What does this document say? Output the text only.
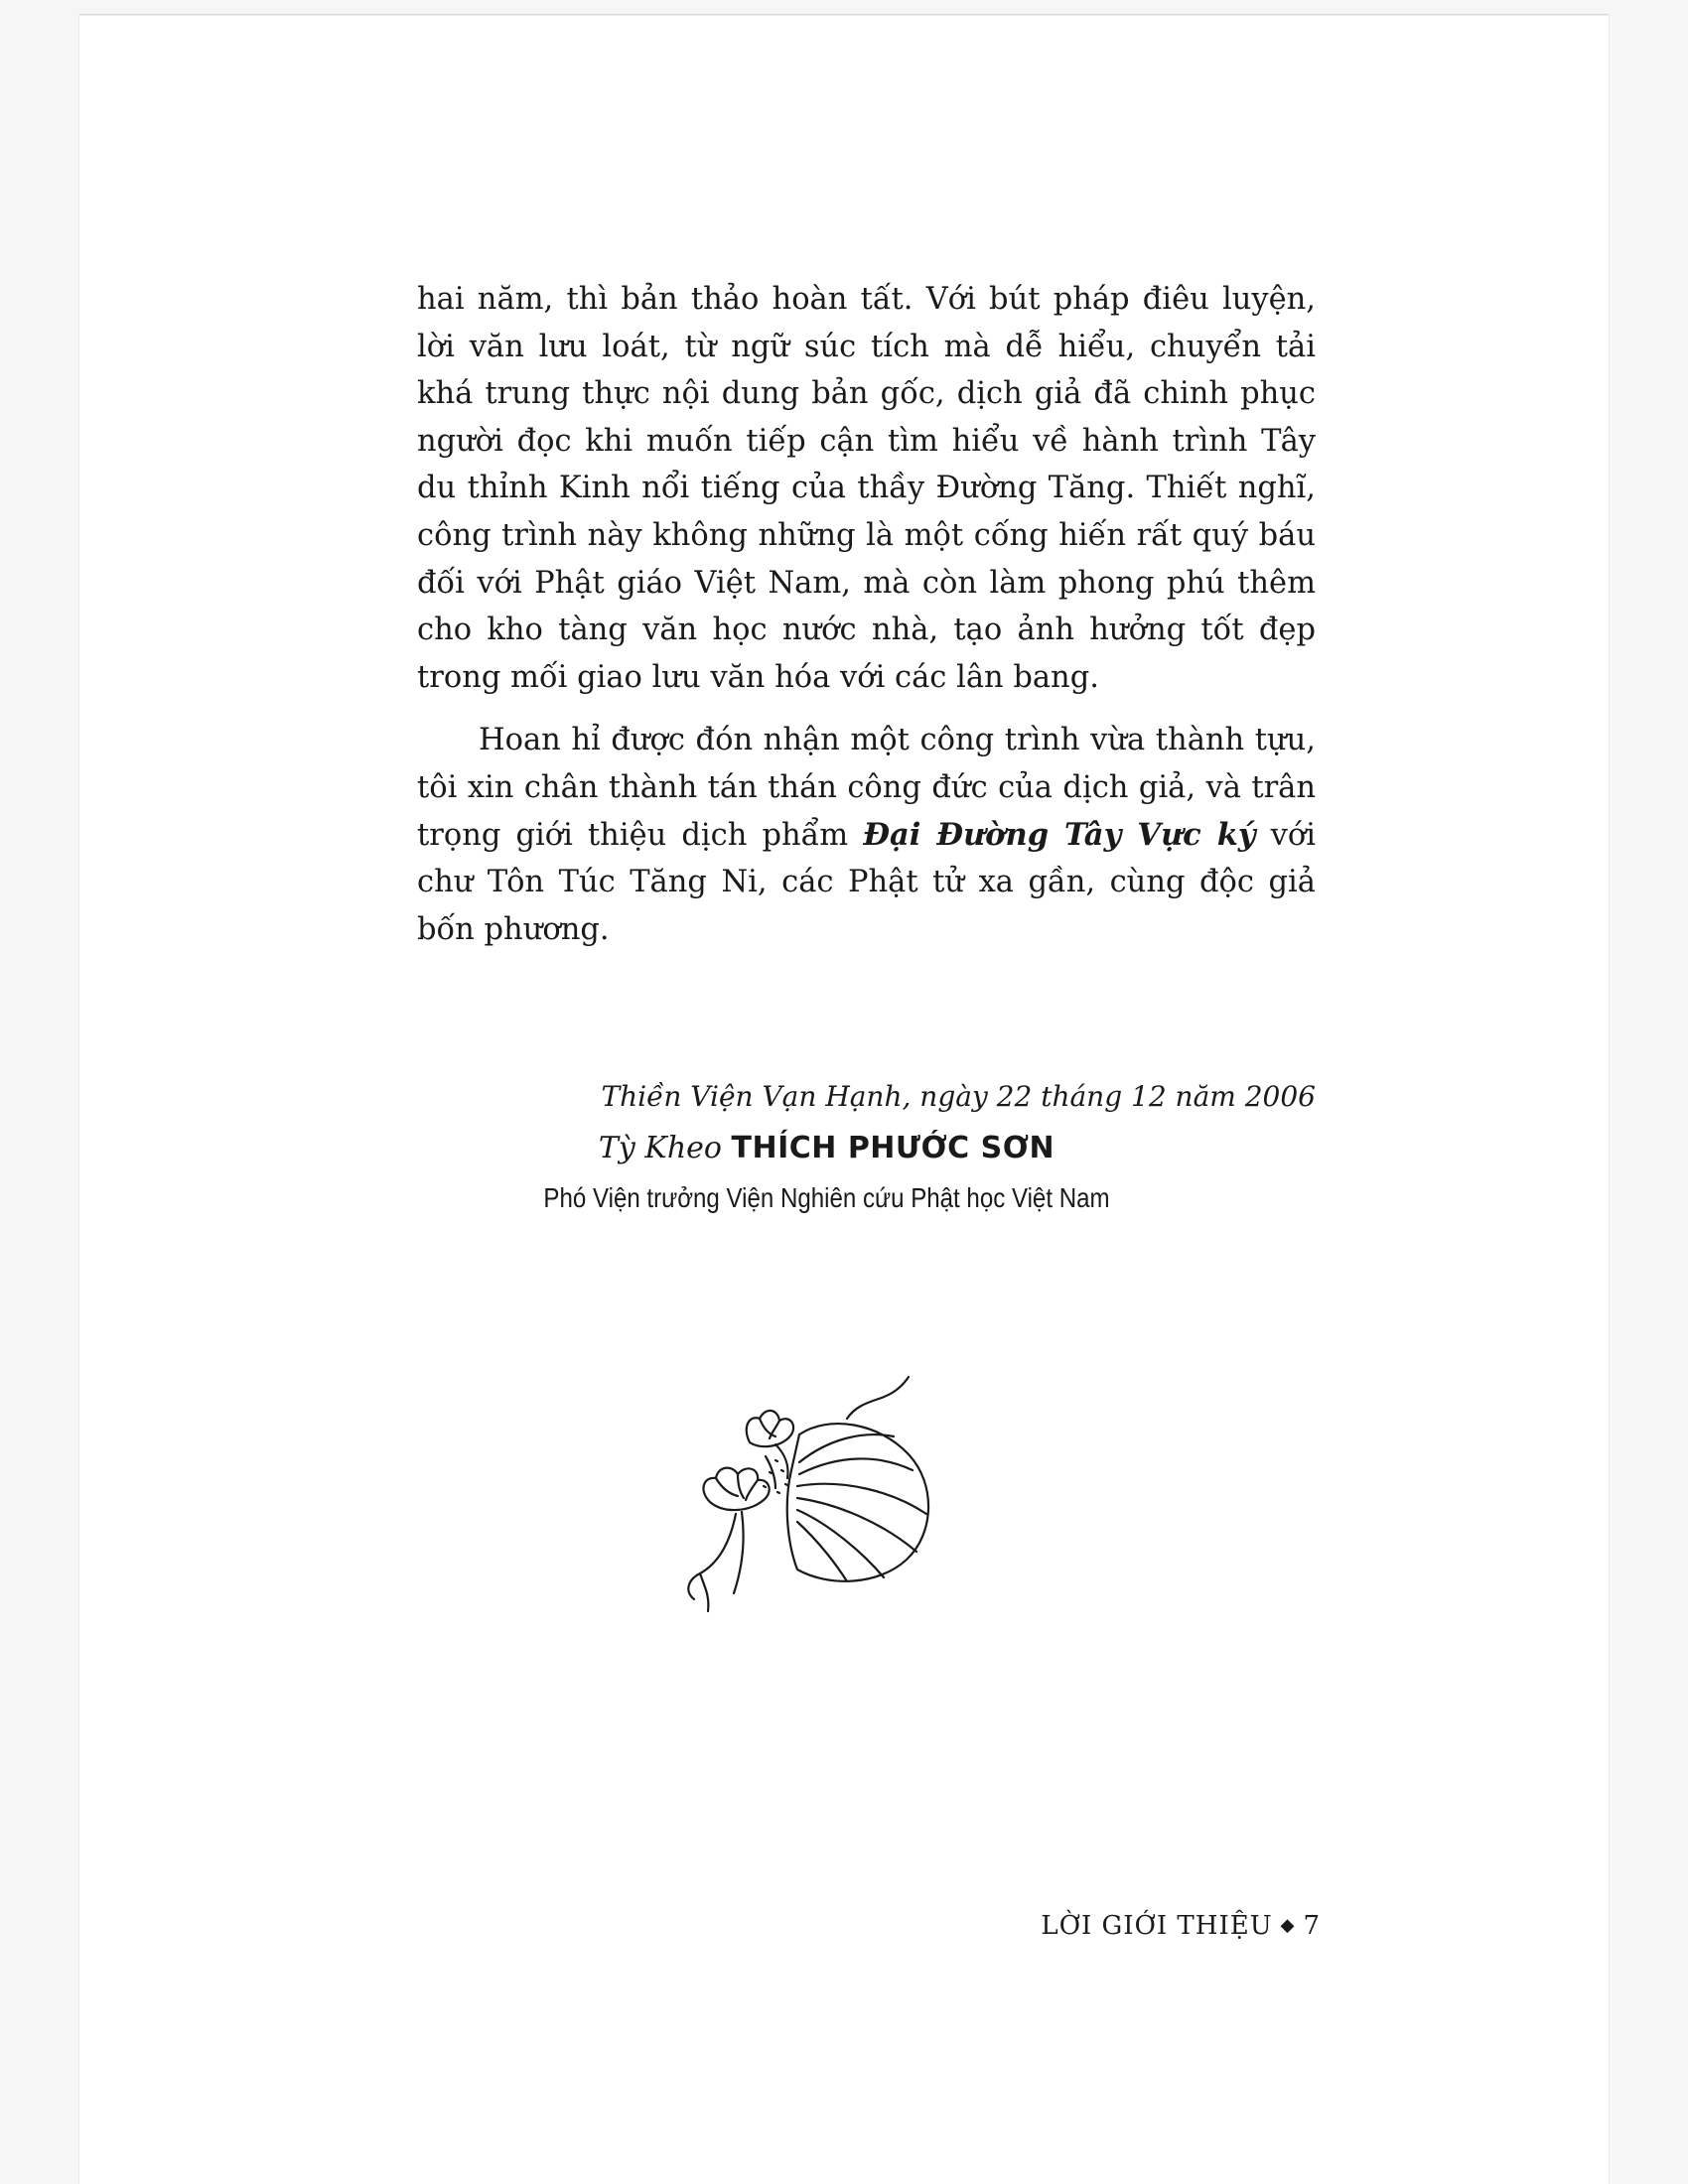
hai năm, thì bản thảo hoàn tất. Với bút pháp điêu luyện, lời văn lưu loát, từ ngữ súc tích mà dễ hiểu, chuyển tải khá trung thực nội dung bản gốc, dịch giả đã chinh phục người đọc khi muốn tiếp cận tìm hiểu về hành trình Tây du thỉnh Kinh nổi tiếng của thầy Đường Tăng. Thiết nghĩ, công trình này không những là một cống hiến rất quý báu đối với Phật giáo Việt Nam, mà còn làm phong phú thêm cho kho tàng văn học nước nhà, tạo ảnh hưởng tốt đẹp trong mối giao lưu văn hóa với các lân bang.

Hoan hỉ được đón nhận một công trình vừa thành tựu, tôi xin chân thành tán thán công đức của dịch giả, và trân trọng giới thiệu dịch phẩm Đại Đường Tây Vực ký với chư Tôn Túc Tăng Ni, các Phật tử xa gần, cùng độc giả bốn phương.

Thiền Viện Vạn Hạnh, ngày 22 tháng 12 năm 2006
Tỳ Kheo THÍCH PHƯỚC SƠN
Phó Viện trưởng Viện Nghiên cứu Phật học Việt Nam
LỜI GIỚI THIỆU ◆ 7
